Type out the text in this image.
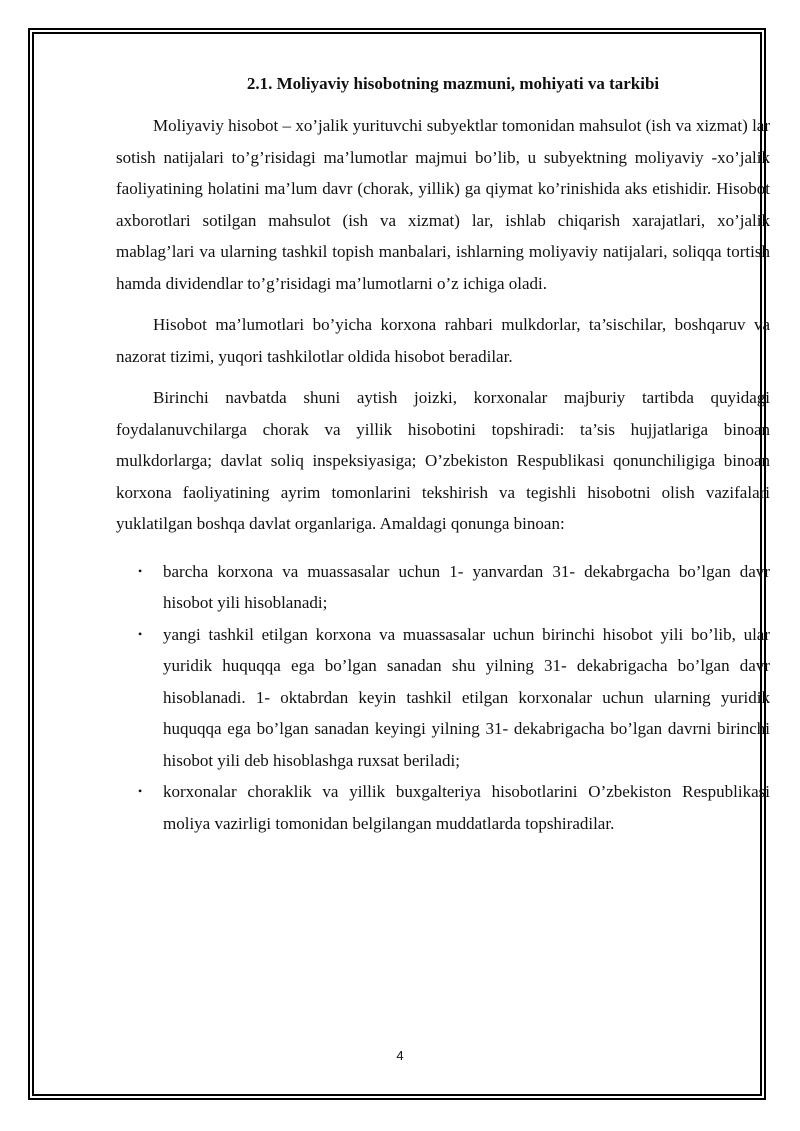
2.1. Moliyaviy hisobotning mazmuni, mohiyati va tarkibi

Moliyaviy hisobot – xo’jalik yurituvchi subyektlar tomonidan mahsulot (ish va xizmat) lar sotish natijalari to’g’risidagi ma’lumotlar majmui bo’lib, u subyektning moliyaviy -xo’jalik faoliyatining holatini ma’lum davr (chorak, yillik) ga qiymat ko’rinishida aks etishidir. Hisobot axborotlari sotilgan mahsulot (ish va xizmat) lar, ishlab chiqarish xarajatlari, xo’jalik mablag’lari va ularning tashkil topish manbalari, ishlarning moliyaviy natijalari, soliqqa tortish hamda dividendlar to’g’risidagi ma’lumotlarni o’z ichiga oladi.

Hisobot ma’lumotlari bo’yicha korxona rahbari mulkdorlar, ta’sischilar, boshqaruv va nazorat tizimi, yuqori tashkilotlar oldida hisobot beradilar.

Birinchi navbatda shuni aytish joizki, korxonalar majburiy tartibda quyidagi foydalanuvchilarga chorak va yillik hisobotini topshiradi: ta’sis hujjatlariga binoan mulkdorlarga; davlat soliq inspeksiyasiga; O’zbekiston Respublikasi qonunchiligiga binoan korxona faoliyatining ayrim tomonlarini tekshirish va tegishli hisobotni olish vazifalari yuklatilgan boshqa davlat organlariga. Amaldagi qonunga binoan:

• barcha korxona va muassasalar uchun 1- yanvardan 31- dekabrgacha bo’lgan davr hisobot yili hisoblanadi;
• yangi tashkil etilgan korxona va muassasalar uchun birinchi hisobot yili bo’lib, ular yuridik huquqqa ega bo’lgan sanadan shu yilning 31- dekabrigacha bo’lgan davr hisoblanadi. 1- oktabrdan keyin tashkil etilgan korxonalar uchun ularning yuridik huquqqa ega bo’lgan sanadan keyingi yilning 31- dekabrigacha bo’lgan davrni birinchi hisobot yili deb hisoblashga ruxsat beriladi;
• korxonalar choraklik va yillik buxgalteriya hisobotlarini O’zbekiston Respublikasi moliya vazirligi tomonidan belgilangan muddatlarda topshiradilar.
4
